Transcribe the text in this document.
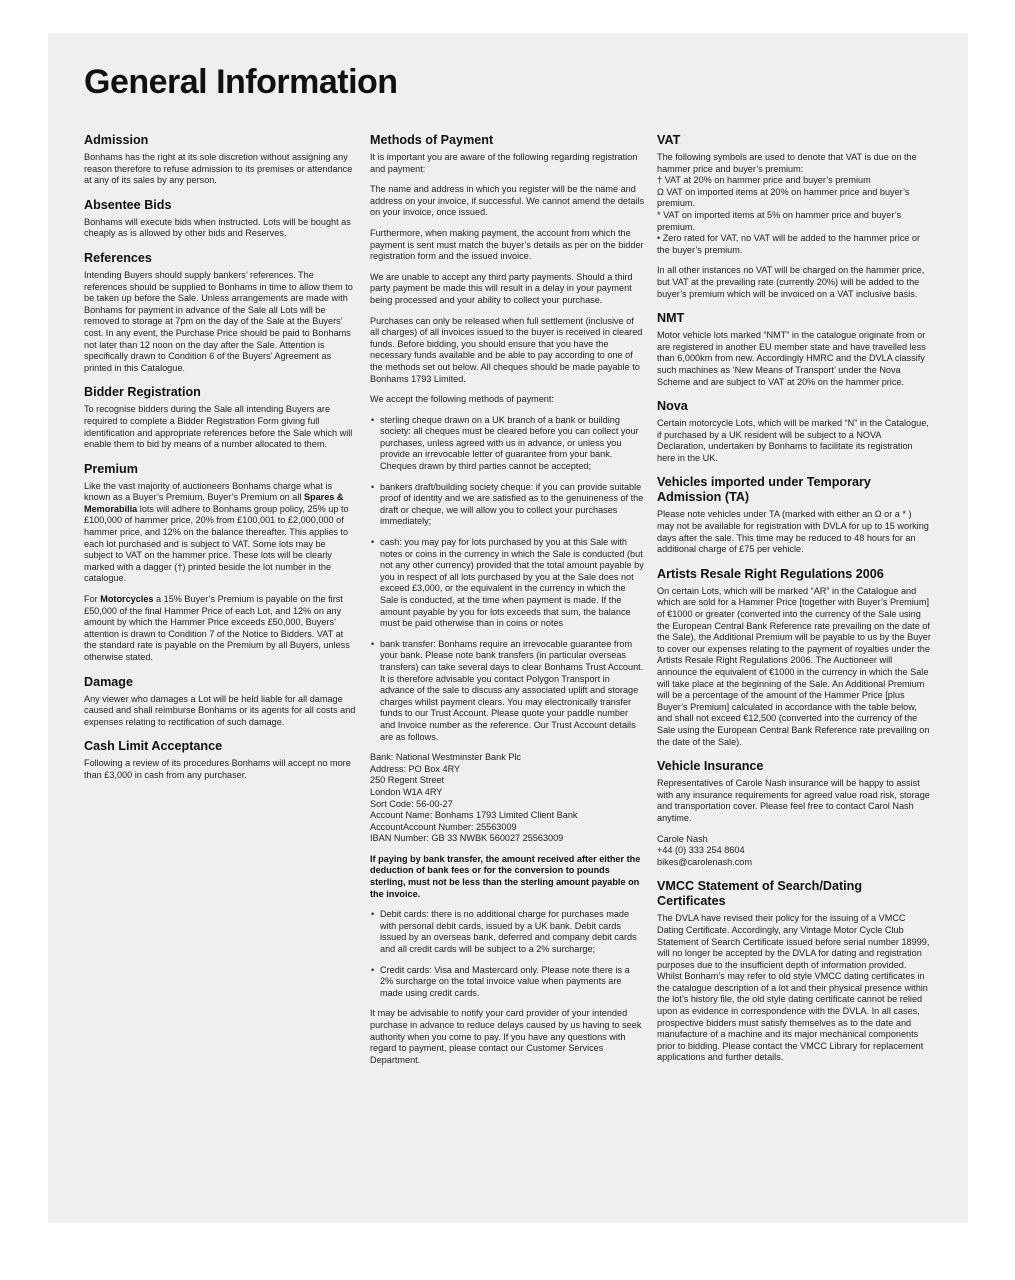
General Information
Admission

Bonhams has the right at its sole discretion without assigning any reason therefore to refuse admission to its premises or attendance at any of its sales by any person.

Absentee Bids

Bonhams will execute bids when instructed. Lots will be bought as cheaply as is allowed by other bids and Reserves.

References

Intending Buyers should supply bankers’ references. The references should be supplied to Bonhams in time to allow them to be taken up before the Sale. Unless arrangements are made with Bonhams for payment in advance of the Sale all Lots will be removed to storage at 7pm on the day of the Sale at the Buyers’ cost. In any event, the Purchase Price should be paid to Bonhams not later than 12 noon on the day after the Sale. Attention is specifically drawn to Condition 6 of the Buyers’ Agreement as printed in this Catalogue.

Bidder Registration

To recognise bidders during the Sale all intending Buyers are required to complete a Bidder Registration Form giving full identification and appropriate references before the Sale which will enable them to bid by means of a number allocated to them.

Premium

Like the vast majority of auctioneers Bonhams charge what is known as a Buyer’s Premium. Buyer’s Premium on all Spares & Memorabilia lots will adhere to Bonhams group policy, 25% up to £100,000 of hammer price, 20% from £100,001 to £2,000,000 of hammer price, and 12% on the balance thereafter. This applies to each lot purchased and is subject to VAT. Some lots may be subject to VAT on the hammer price. These lots will be clearly marked with a dagger (†) printed beside the lot number in the catalogue.

For Motorcycles a 15% Buyer’s Premium is payable on the first £50,000 of the final Hammer Price of each Lot, and 12% on any amount by which the Hammer Price exceeds £50,000, Buyers’ attention is drawn to Condition 7 of the Notice to Bidders. VAT at the standard rate is payable on the Premium by all Buyers, unless otherwise stated.

Damage

Any viewer who damages a Lot will be held liable for all damage caused and shall reimburse Bonhams or its agents for all costs and expenses relating to rectification of such damage.

Cash Limit Acceptance

Following a review of its procedures Bonhams will accept no more than £3,000 in cash from any purchaser.

Methods of Payment

It is important you are aware of the following regarding registration and payment:

The name and address in which you register will be the name and address on your invoice, if successful. We cannot amend the details on your invoice, once issued.

Furthermore, when making payment, the account from which the payment is sent must match the buyer’s details as per on the bidder registration form and the issued invoice.

We are unable to accept any third party payments. Should a third party payment be made this will result in a delay in your payment being processed and your ability to collect your purchase.

Purchases can only be released when full settlement (inclusive of all charges) of all invoices issued to the buyer is received in cleared funds. Before bidding, you should ensure that you have the necessary funds available and be able to pay according to one of the methods set out below. All cheques should be made payable to Bonhams 1793 Limited.

We accept the following methods of payment:

• sterling cheque drawn on a UK branch of a bank or building society: all cheques must be cleared before you can collect your purchases, unless agreed with us in advance, or unless you provide an irrevocable letter of guarantee from your bank. Cheques drawn by third parties cannot be accepted;
• bankers draft/building society cheque: if you can provide suitable proof of identity and we are satisfied as to the genuineness of the draft or cheque, we will allow you to collect your purchases immediately;
• cash: you may pay for lots purchased by you at this Sale with notes or coins in the currency in which the Sale is conducted (but not any other currency) provided that the total amount payable by you in respect of all lots purchased by you at the Sale does not exceed £3,000, or the equivalent in the currency in which the Sale is conducted, at the time when payment is made. If the amount payable by you for lots exceeds that sum, the balance must be paid otherwise than in coins or notes
• bank transfer: Bonhams require an irrevocable guarantee from your bank. Please note bank transfers (in particular overseas transfers) can take several days to clear Bonhams Trust Account. It is therefore advisable you contact Polygon Transport in advance of the sale to discuss any associated uplift and storage charges whilst payment clears. You may electronically transfer funds to our Trust Account. Please quote your paddle number and Invoice number as the reference. Our Trust Account details are as follows.
Bank: National Westminster Bank Plc
Address: PO Box 4RY
250 Regent Street
London W1A 4RY
Sort Code: 56-00-27
Account Name: Bonhams 1793 Limited Client Bank
AccountAccount Number: 25563009
IBAN Number: GB 33 NWBK 560027 25563009

If paying by bank transfer, the amount received after either the deduction of bank fees or for the conversion to pounds sterling, must not be less than the sterling amount payable on the invoice.

• Debit cards: there is no additional charge for purchases made with personal debit cards, issued by a UK bank. Debit cards issued by an overseas bank, deferred and company debit cards and all credit cards will be subject to a 2% surcharge;
• Credit cards: Visa and Mastercard only. Please note there is a 2% surcharge on the total invoice value when payments are made using credit cards.

It may be advisable to notify your card provider of your intended purchase in advance to reduce delays caused by us having to seek authority when you come to pay. If you have any questions with regard to payment, please contact our Customer Services Department.

VAT

The following symbols are used to denote that VAT is due on the hammer price and buyer’s premium:
† VAT at 20% on hammer price and buyer’s premium
Ω VAT on imported items at 20% on hammer price and buyer’s premium.
* VAT on imported items at 5% on hammer price and buyer’s premium.
• Zero rated for VAT, no VAT will be added to the hammer price or the buyer’s premium.

In all other instances no VAT will be charged on the hammer price, but VAT at the prevailing rate (currently 20%) will be added to the buyer’s premium which will be invoiced on a VAT inclusive basis.

NMT

Motor vehicle lots marked “NMT” in the catalogue originate from or are registered in another EU member state and have travelled less than 6,000km from new. Accordingly HMRC and the DVLA classify such machines as ‘New Means of Transport’ under the Nova Scheme and are subject to VAT at 20% on the hammer price.

Nova

Certain motorcycle Lots, which will be marked “N” in the Catalogue, if purchased by a UK resident will be subject to a NOVA Declaration, undertaken by Bonhams to facilitate its registration here in the UK.

Vehicles imported under Temporary Admission (TA)

Please note vehicles under TA (marked with either an Ω or a * ) may not be available for registration with DVLA for up to 15 working days after the sale. This time may be reduced to 48 hours for an additional charge of £75 per vehicle.

Artists Resale Right Regulations 2006

On certain Lots, which will be marked “AR” in the Catalogue and which are sold for a Hammer Price [together with Buyer’s Premium] of €1000 or greater (converted into the currency of the Sale using the European Central Bank Reference rate prevailing on the date of the Sale), the Additional Premium will be payable to us by the Buyer to cover our expenses relating to the payment of royalties under the Artists Resale Right Regulations 2006. The Auctioneer will announce the equivalent of €1000 in the currency in which the Sale will take place at the beginning of the Sale. An Additional Premium will be a percentage of the amount of the Hammer Price [plus Buyer’s Premium] calculated in accordance with the table below, and shall not exceed €12,500 (converted into the currency of the Sale using the European Central Bank Reference rate prevailing on the date of the Sale).

Vehicle Insurance

Representatives of Carole Nash insurance will be happy to assist with any insurance requirements for agreed value road risk, storage and transportation cover. Please feel free to contact Carol Nash anytime.

Carole Nash
+44 (0) 333 254 8604
bikes@carolenash.com

VMCC Statement of Search/Dating Certificates

The DVLA have revised their policy for the issuing of a VMCC Dating Certificate. Accordingly, any Vintage Motor Cycle Club Statement of Search Certificate issued before serial number 18999, will no longer be accepted by the DVLA for dating and registration purposes due to the insufficient depth of information provided. Whilst Bonham’s may refer to old style VMCC dating certificates in the catalogue description of a lot and their physical presence within the lot’s history file, the old style dating certificate cannot be relied upon as evidence in correspondence with the DVLA. In all cases, prospective bidders must satisfy themselves as to the date and manufacture of a machine and its major mechanical components prior to bidding. Please contact the VMCC Library for replacement applications and further details.
